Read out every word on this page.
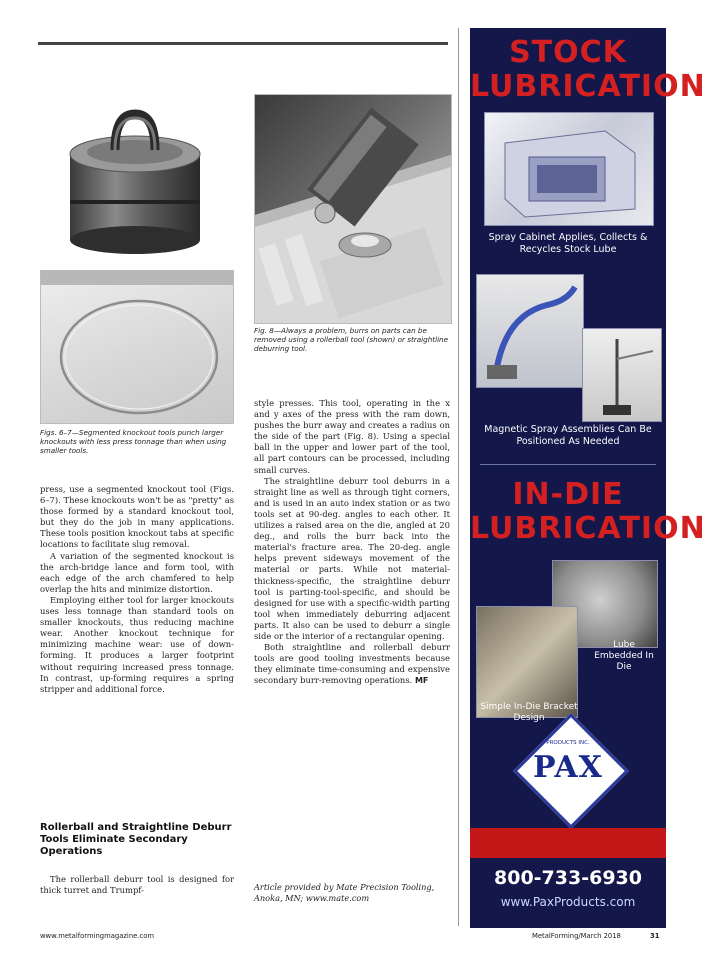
Figs. 6–7—Segmented knockout tools punch larger knockouts with less press tonnage than when using smaller tools.
Fig. 8—Always a problem, burrs on parts can be removed using a rollerball tool (shown) or straightline deburring tool.

press, use a segmented knockout tool (Figs. 6–7). These knockouts won't be as "pretty" as those formed by a standard knockout tool, but they do the job in many applications. These tools position knockout tabs at specific locations to facilitate slug removal.

A variation of the segmented knockout is the arch-bridge lance and form tool, with each edge of the arch chamfered to help overlap the hits and minimize distortion.

Employing either tool for larger knockouts uses less tonnage than standard tools on smaller knockouts, thus reducing machine wear. Another knockout technique for minimizing machine wear: use of down-forming. It produces a larger footprint without requiring increased press tonnage. In contrast, up-forming requires a spring stripper and additional force.

Rollerball and Straightline Deburr Tools Eliminate Secondary Operations

The rollerball deburr tool is designed for thick turret and Trumpf-

style presses. This tool, operating in the x and y axes of the press with the ram down, pushes the burr away and creates a radius on the side of the part (Fig. 8). Using a special ball in the upper and lower part of the tool, all part contours can be processed, including small curves.

The straightline deburr tool deburrs in a straight line as well as through tight corners, and is used in an auto index station or as two tools set at 90-deg. angles to each other. It utilizes a raised area on the die, angled at 20 deg., and rolls the burr back into the material's fracture area. The 20-deg. angle helps prevent sideways movement of the material or parts. While not material-thickness-specific, the straightline deburr tool is parting-tool-specific, and should be designed for use with a specific-width parting tool when immediately deburring adjacent parts. It also can be used to deburr a single side or the interior of a rectangular opening.

Both straightline and rollerball deburr tools are good tooling investments because they eliminate time-consuming and expensive secondary burr-removing operations. MF

Article provided by Mate Precision Tooling, Anoka, MN; www.mate.com
www.metalformingmagazine.com	MetalForming/March 2018	31
STOCK LUBRICATION
Spray Cabinet Applies, Collects & Recycles Stock Lube
Magnetic Spray Assemblies Can Be Positioned As Needed
IN-DIE LUBRICATION
Lube Embedded In Die
Simple In-Die Bracket Design
PRODUCTS INC.
PAX
800-733-6930
www.PaxProducts.com
